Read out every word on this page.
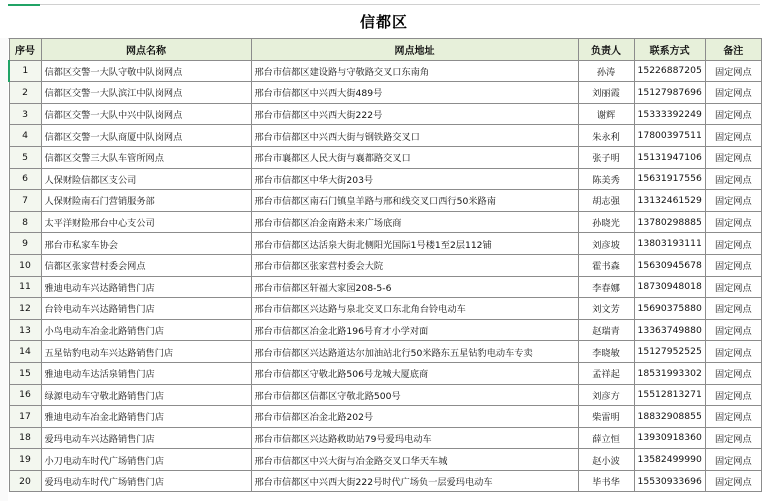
信都区
序号	网点名称	网点地址	负责人	联系方式	备注
1	信都区交警一大队守敬中队岗网点	邢台市信都区建设路与守敬路交叉口东南角	孙涛	15226887205	固定网点
2	信都区交警一大队滨江中队岗网点	邢台市信都区中兴西大街489号	刘丽霞	15127987696	固定网点
3	信都区交警一大队中兴中队岗网点	邢台市信都区中兴西大街222号	谢辉	15333392249	固定网点
4	信都区交警一大队商厦中队岗网点	邢台市信都区中兴西大街与钢铁路交叉口	朱永利	17800397511	固定网点
5	信都区交警三大队车管所网点	邢台市襄都区人民大街与襄都路交叉口	张子明	15131947106	固定网点
6	人保财险信都区支公司	邢台市信都区中华大街203号	陈美秀	15631917556	固定网点
7	人保财险南石门营销服务部	邢台市信都区南石门镇皇羊路与邢和线交叉口西行50米路南	胡志强	13132461529	固定网点
8	太平洋财险邢台中心支公司	邢台市信都区冶金南路未来广场底商	孙晓光	13780298885	固定网点
9	邢台市私家车协会	邢台市信都区达活泉大街北侧阳光国际1号楼1至2层112铺	刘彦坡	13803193111	固定网点
10	信都区张家营村委会网点	邢台市信都区张家营村委会大院	霍书森	15630945678	固定网点
11	雅迪电动车兴达路销售门店	邢台市信都区轩福大家园208-5-6	李春娜	18730948018	固定网点
12	台铃电动车兴达路销售门店	邢台市信都区兴达路与泉北交叉口东北角台铃电动车	刘文芳	15690375880	固定网点
13	小鸟电动车冶金北路销售门店	邢台市信都区冶金北路196号育才小学对面	赵瑞青	13363749880	固定网点
14	五星钻豹电动车兴达路销售门店	邢台市信都区兴达路道达尔加油站北行50米路东五星钻豹电动车专卖	李晓敏	15127952525	固定网点
15	雅迪电动车达活泉销售门店	邢台市信都区守敬北路506号龙城大厦底商	孟祥起	18531993302	固定网点
16	绿源电动车守敬北路销售门店	邢台市信都区信都区守敬北路500号	刘彦方	15512813271	固定网点
17	雅迪电动车冶金北路销售门店	邢台市信都区冶金北路202号	柴雷明	18832908855	固定网点
18	爱玛电动车兴达路销售门店	邢台市信都区兴达路救助站79号爱玛电动车	薛立恒	13930918360	固定网点
19	小刀电动车时代广场销售门店	邢台市信都区中兴大街与冶金路交叉口华天车城	赵小波	13582499990	固定网点
20	爱玛电动车时代广场销售门店	邢台市信都区中兴西大街222号时代广场负一层爱玛电动车	毕书华	15530933696	固定网点
